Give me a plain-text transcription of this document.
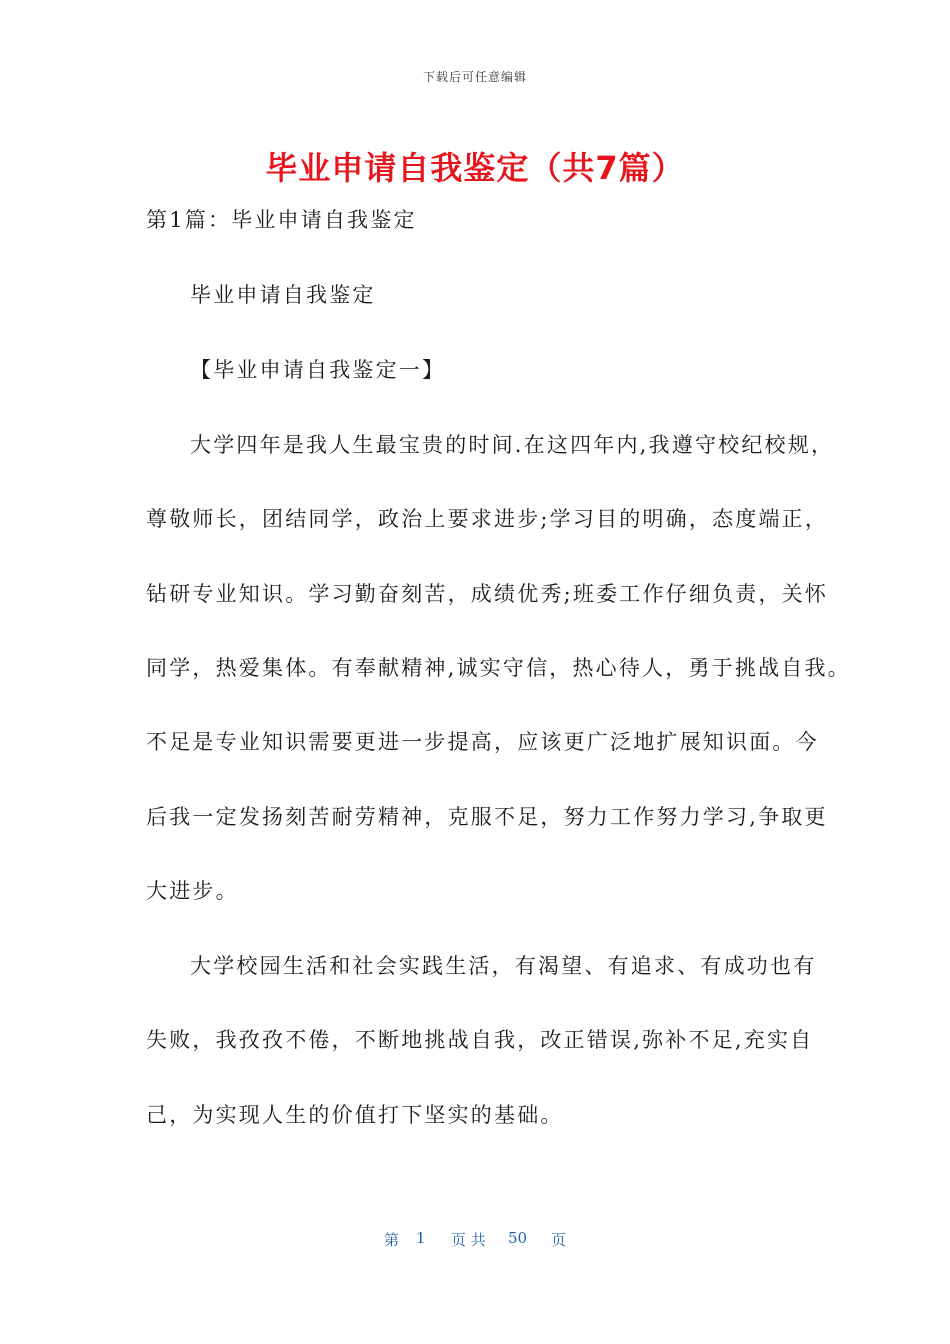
下载后可任意编辑
毕业申请自我鉴定（共7篇）
第1篇：毕业申请自我鉴定
毕业申请自我鉴定
【毕业申请自我鉴定一】
大学四年是我人生最宝贵的时间.在这四年内,我遵守校纪校规，
尊敬师长，团结同学，政治上要求进步;学习目的明确，态度端正，
钻研专业知识。学习勤奋刻苦，成绩优秀;班委工作仔细负责，关怀
同学，热爱集体。有奉献精神,诚实守信，热心待人，勇于挑战自我。
不足是专业知识需要更进一步提高，应该更广泛地扩展知识面。今
后我一定发扬刻苦耐劳精神，克服不足，努力工作努力学习,争取更
大进步。
大学校园生活和社会实践生活，有渴望、有追求、有成功也有
失败，我孜孜不倦，不断地挑战自我，改正错误,弥补不足,充实自
己，为实现人生的价值打下坚实的基础。
第 1 页 共 50 页
